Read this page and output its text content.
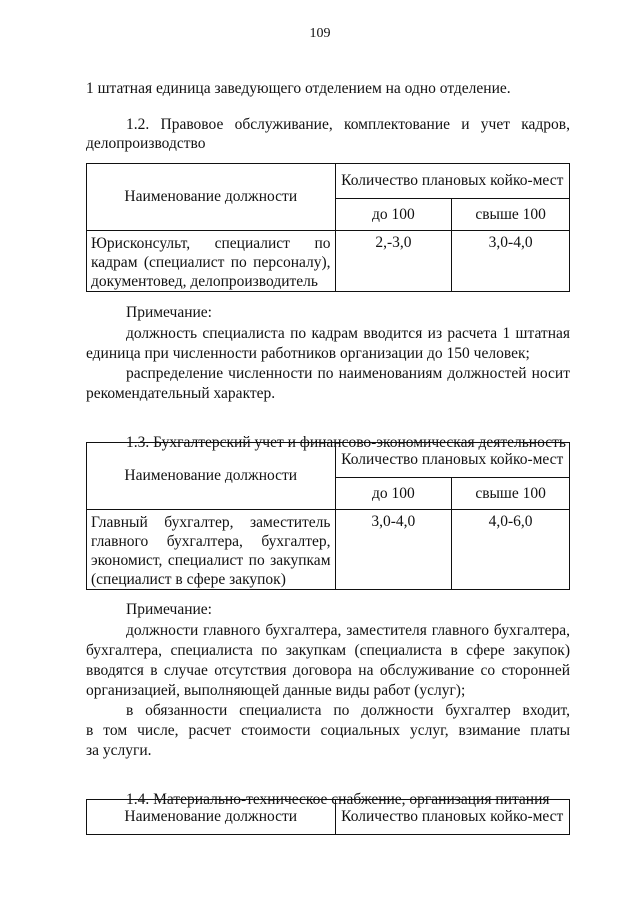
109

1 штатная единица заведующего отделением на одно отделение.

1.2. Правовое обслуживание, комплектование и учет кадров,

делопроизводство

Наименование должности	Количество плановых койко-мест	
	до 100	свыше 100

Юрисконсульт, специалист по
кадрам (специалист по персоналу),
документовед, делопроизводитель	2,-3,0	3,0-4,0
Примечание:

должность специалиста по кадрам вводится из расчета 1 штатная

единица при численности работников организации до 150 человек;

распределение численности по наименованиям должностей носит

рекомендательный характер.

1.3. Бухгалтерский учет и финансово-экономическая деятельность

Наименование должности	Количество плановых койко-мест	
	до 100	свыше 100

Главный бухгалтер, заместитель
главного бухгалтера, бухгалтер,
экономист, специалист по закупкам
(специалист в сфере закупок)	3,0-4,0	4,0-6,0
Примечание:

должности главного бухгалтера, заместителя главного бухгалтера,

бухгалтера, специалиста по закупкам (специалиста в сфере закупок)

вводятся в случае отсутствия договора на обслуживание со сторонней

организацией, выполняющей данные виды работ (услуг);

в обязанности специалиста по должности бухгалтер входит,

в том числе, расчет стоимости социальных услуг, взимание платы

за услуги.

1.4. Материально-техническое снабжение, организация питания

Наименование должности	Количество плановых койко-мест
